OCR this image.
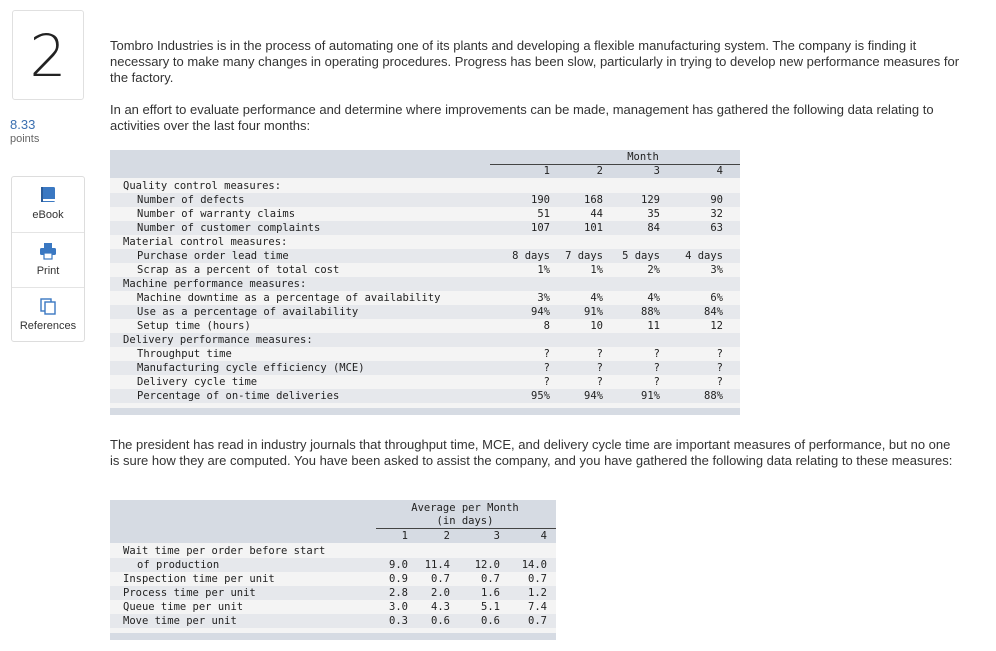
2
8.33
points
eBook
Print
References
Tombro Industries is in the process of automating one of its plants and developing a flexible manufacturing system. The company is finding it necessary to make many changes in operating procedures. Progress has been slow, particularly in trying to develop new performance measures for the factory.
In an effort to evaluate performance and determine where improvements can be made, management has gathered the following data relating to activities over the last four months:
The president has read in industry journals that throughput time, MCE, and delivery cycle time are important measures of performance, but no one is sure how they are computed. You have been asked to assist the company, and you have gathered the following data relating to these measures:
Month
1	2	3	4
Quality control measures:
Number of defects	190	168	129	90
Number of warranty claims	51	44	35	32
Number of customer complaints	107	101	84	63
Material control measures:
Purchase order lead time	8 days	7 days	5 days	4 days
Scrap as a percent of total cost	1%	1%	2%	3%
Machine performance measures:
Machine downtime as a percentage of availability	3%	4%	4%	6%
Use as a percentage of availability	94%	91%	88%	84%
Setup time (hours)	8	10	11	12
Delivery performance measures:
Throughput time	?	?	?	?
Manufacturing cycle efficiency (MCE)	?	?	?	?
Delivery cycle time	?	?	?	?
Percentage of on-time deliveries	95%	94%	91%	88%
Average per Month
(in days)
1	2	3	4
Wait time per order before start
of production	9.0	11.4	12.0	14.0
Inspection time per unit	0.9	0.7	0.7	0.7
Process time per unit	2.8	2.0	1.6	1.2
Queue time per unit	3.0	4.3	5.1	7.4
Move time per unit	0.3	0.6	0.6	0.7
